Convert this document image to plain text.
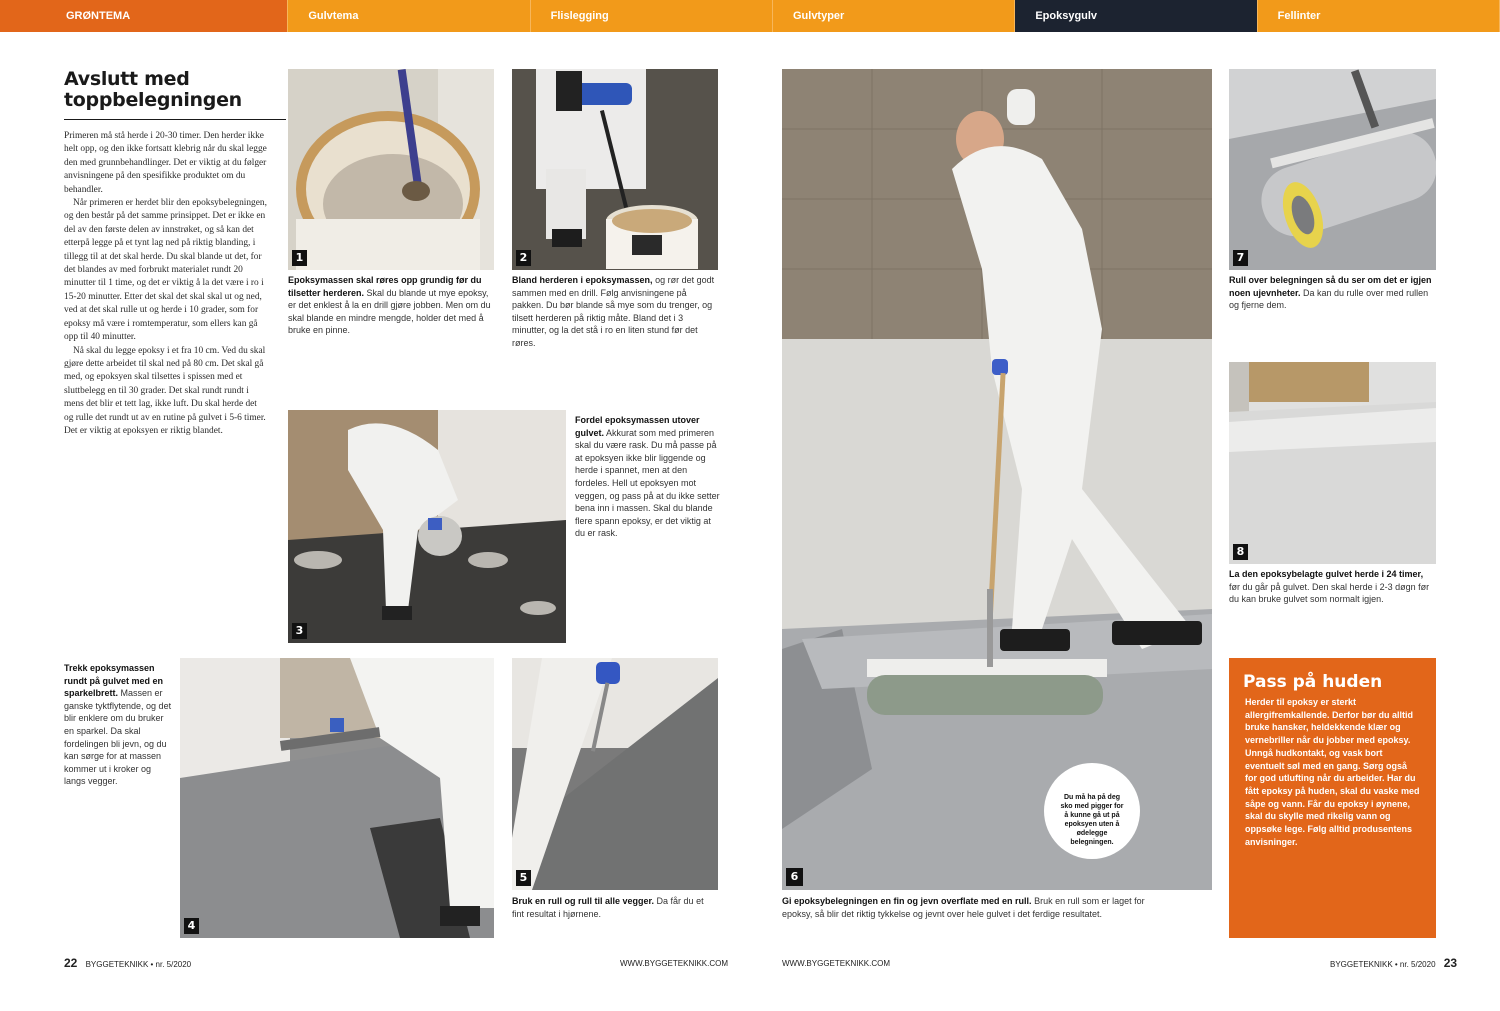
GRØNTEMA	Gulvtema	Flislegging	Gulvtyper	Epoksygulv	Fellinter
Avslutt med
toppbelegningen

Primeren må stå herde i 20-30 timer. Den herder ikke helt opp, og den ikke fortsatt klebrig når du skal legge den med grunnbehandlinger. Det er viktig at du følger anvisningene på den spesifikke produktet om du behandler.

Når primeren er herdet blir den epoksybelegningen, og den består på det samme prinsippet. Det er ikke en del av den første delen av innstrøket, og så kan det etterpå legge på et tynt lag ned på riktig blanding, i tillegg til at det skal herde. Du skal blande ut det, for det blandes av med forbrukt materialet rundt 20 minutter til 1 time, og det er viktig å la det være i ro i 15-20 minutter. Etter det skal det skal skal ut og ned, ved at det skal rulle ut og herde i 10 grader, som for epoksy må være i romtemperatur, som ellers kan gå opp til 40 minutter.

Nå skal du legge epoksy i et fra 10 cm. Ved du skal gjøre dette arbeidet til skal ned på 80 cm. Det skal gå med, og epoksyen skal tilsettes i spissen med et sluttbelegg en til 30 grader. Det skal rundt rundt i mens det blir et tett lag, ikke luft. Du skal herde det og rulle det rundt ut av en rutine på gulvet i 5-6 timer. Det er viktig at epoksyen er riktig blandet.

1	2
Epoksymassen skal røres opp grundig før du tilsetter herderen. Skal du blande ut mye epoksy, er det enklest å la en drill gjøre jobben. Men om du skal blande en mindre mengde, holder det med å bruke en pinne.
Bland herderen i epoksymassen, og rør det godt sammen med en drill. Følg anvisningene på pakken. Du bør blande så mye som du trenger, og tilsett herderen på riktig måte. Bland det i 3 minutter, og la det stå i ro en liten stund før det røres.
3
Fordel epoksymassen utover gulvet. Akkurat som med primeren skal du være rask. Du må passe på at epoksyen ikke blir liggende og herde i spannet, men at den fordeles. Hell ut epoksyen mot veggen, og pass på at du ikke setter bena inn i massen. Skal du blande flere spann epoksy, er det viktig at du er rask.
Trekk epoksymassen rundt på gulvet med en sparkelbrett. Massen er ganske tyktflytende, og det blir enklere om du bruker en sparkel. Da skal fordelingen bli jevn, og du kan sørge for at massen kommer ut i kroker og langs vegger.
4
5
Bruk en rull og rull til alle vegger. Da får du et fint resultat i hjørnene.
22 BYGGETEKNIKK • nr. 5/2020	WWW.BYGGETEKNIKK.COM
6
Du må ha på deg sko med pigger for å kunne gå ut på epoksyen uten å ødelegge belegningen.
Gi epoksybelegningen en fin og jevn overflate med en rull. Bruk en rull som er laget for epoksy, så blir det riktig tykkelse og jevnt over hele gulvet i det ferdige resultatet.
7
Rull over belegningen så du ser om det er igjen noen ujevnheter. Da kan du rulle over med rullen og fjerne dem.
8
La den epoksybelagte gulvet herde i 24 timer, før du går på gulvet. Den skal herde i 2-3 døgn før du kan bruke gulvet som normalt igjen.
Pass på huden
Herder til epoksy er sterkt allergifremkallende. Derfor bør du alltid bruke hansker, heldekkende klær og vernebriller når du jobber med epoksy. Unngå hudkontakt, og vask bort eventuelt søl med en gang. Sørg også for god utlufting når du arbeider. Har du fått epoksy på huden, skal du vaske med såpe og vann. Får du epoksy i øynene, skal du skylle med rikelig vann og oppsøke lege. Følg alltid produsentens anvisninger.
WWW.BYGGETEKNIKK.COM	BYGGETEKNIKK • nr. 5/2020 23
